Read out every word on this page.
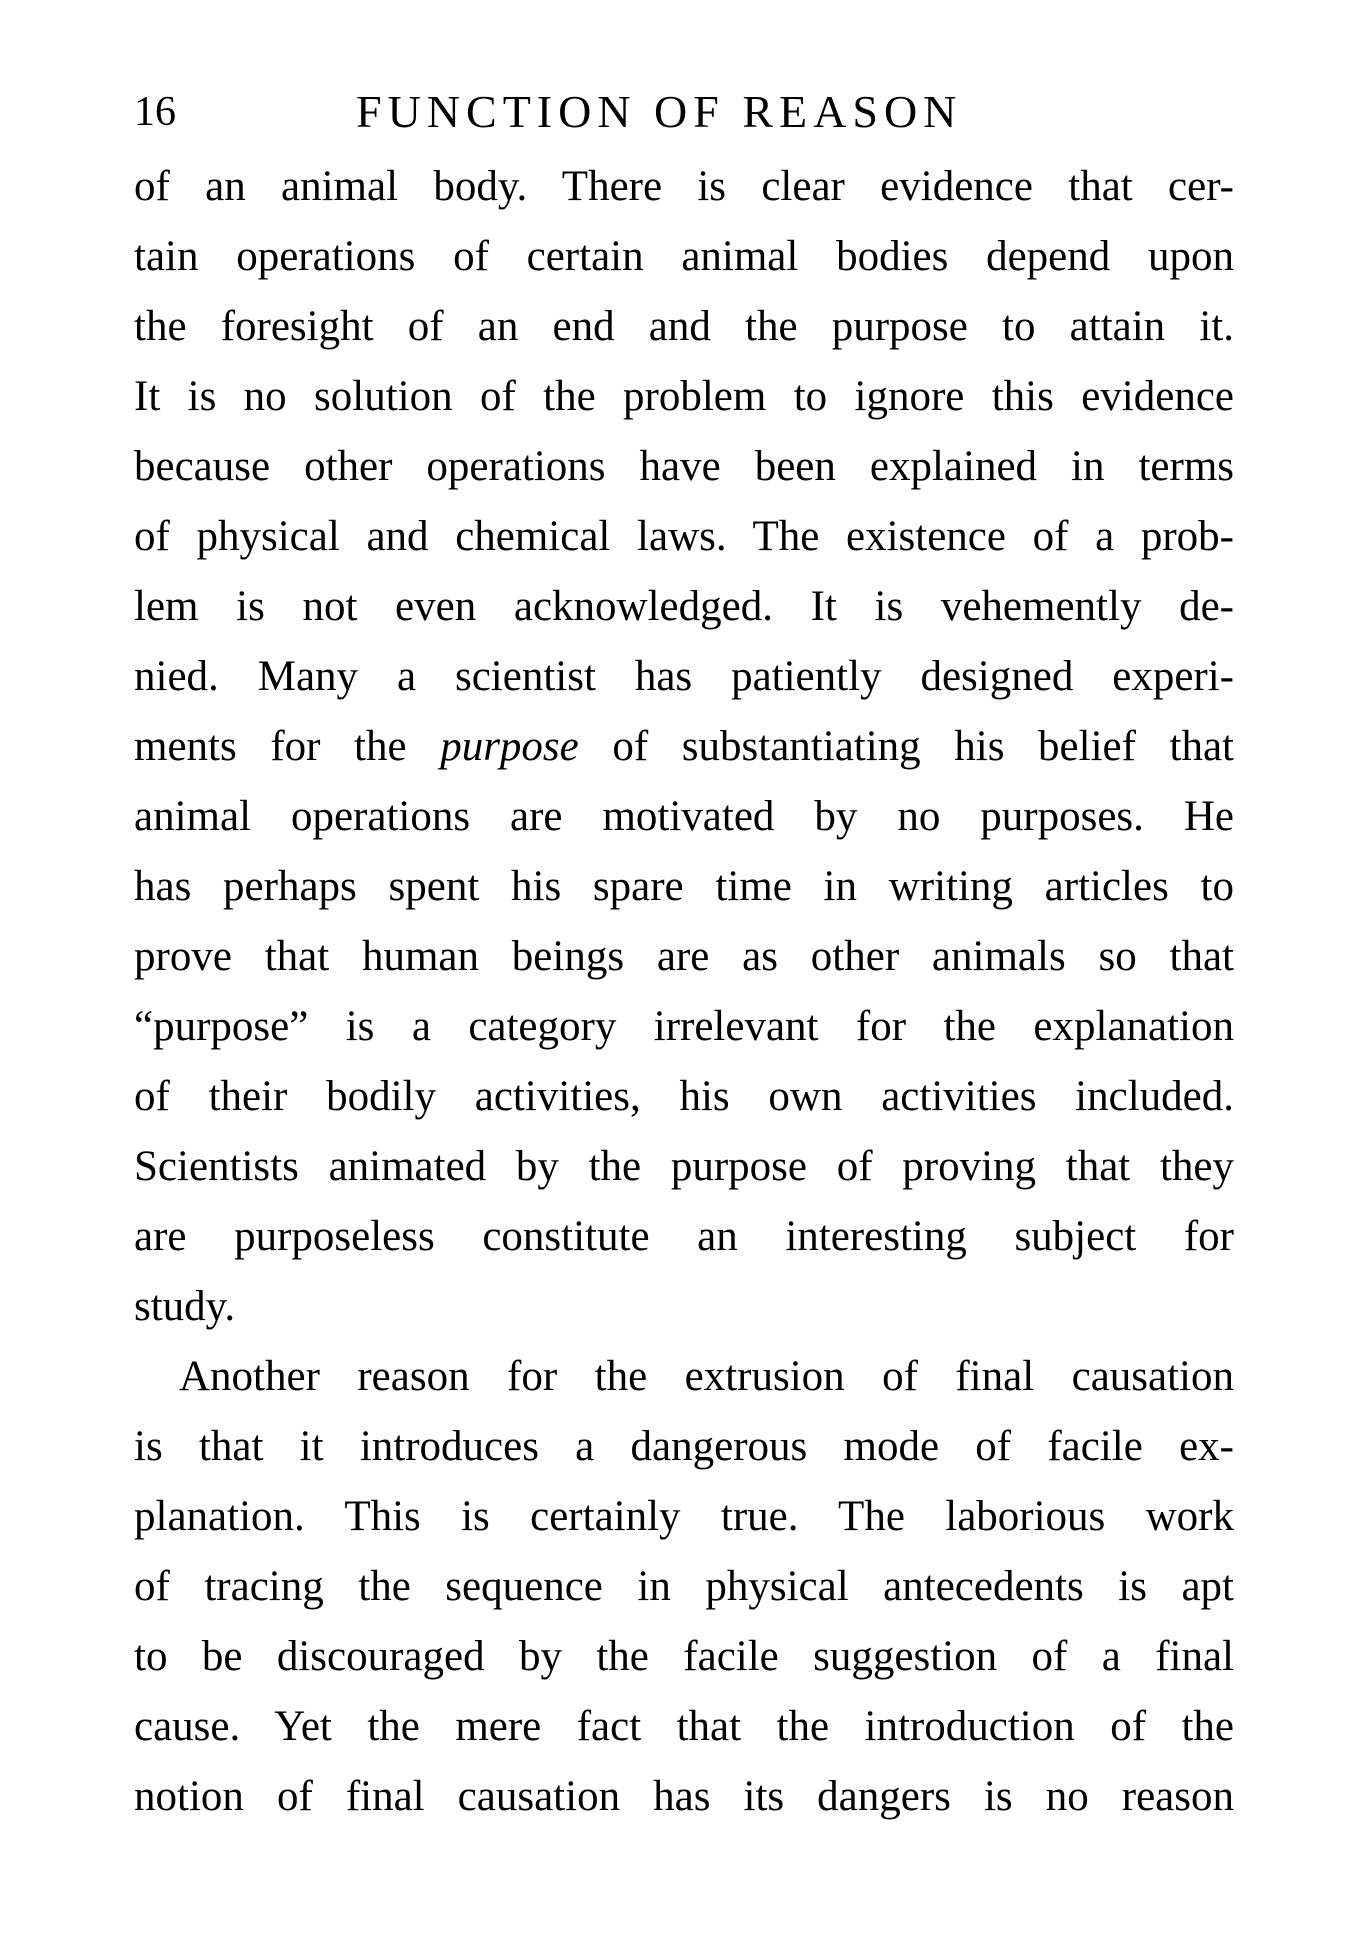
16	FUNCTION OF REASON
of an animal body. There is clear evidence that cer-
tain operations of certain animal bodies depend upon
the foresight of an end and the purpose to attain it.
It is no solution of the problem to ignore this evidence
because other operations have been explained in terms
of physical and chemical laws. The existence of a prob-
lem is not even acknowledged. It is vehemently de-
nied. Many a scientist has patiently designed experi-
ments for the purpose of substantiating his belief that
animal operations are motivated by no purposes. He
has perhaps spent his spare time in writing articles to
prove that human beings are as other animals so that
“purpose” is a category irrelevant for the explanation
of their bodily activities, his own activities included.
Scientists animated by the purpose of proving that they
are purposeless constitute an interesting subject for
study.
Another reason for the extrusion of final causation
is that it introduces a dangerous mode of facile ex-
planation. This is certainly true. The laborious work
of tracing the sequence in physical antecedents is apt
to be discouraged by the facile suggestion of a final
cause. Yet the mere fact that the introduction of the
notion of final causation has its dangers is no reason
